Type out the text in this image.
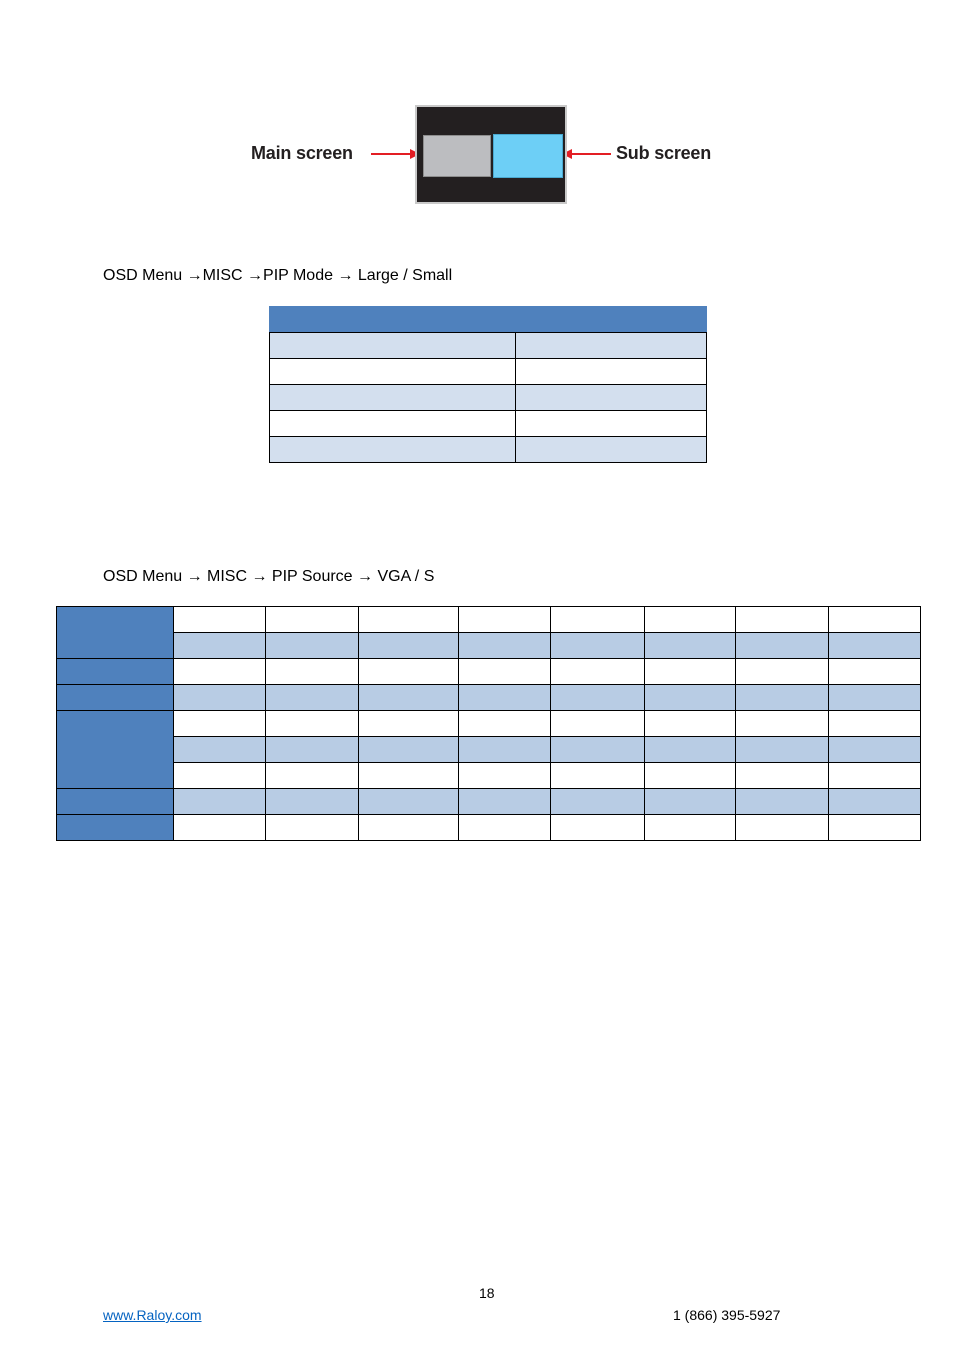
Main screen	Sub screen
OSD Menu →MISC →PIP Mode → Large / Small

OSD Menu → MISC → PIP Source → VGA / S

18
www.Raloy.com	1 (866) 395-5927
